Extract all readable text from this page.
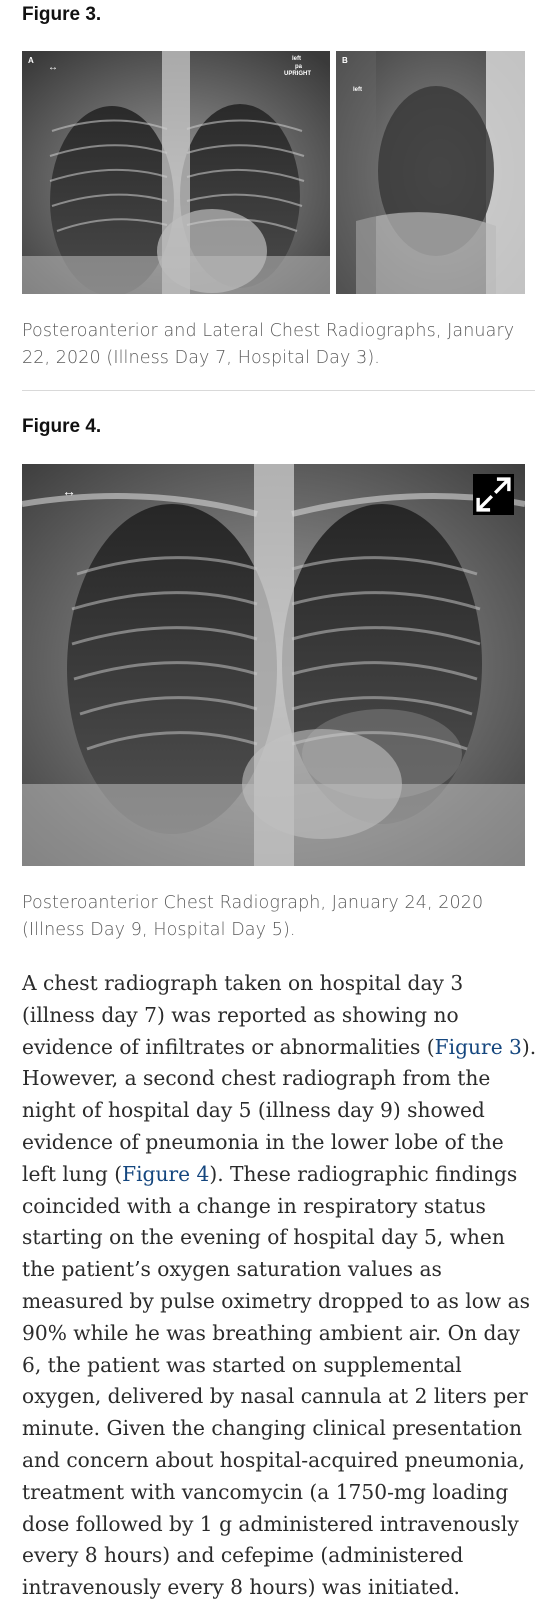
Figure 3.
A
↔
left
pa
UPRIGHT
B
left
Posteroanterior and Lateral Chest Radiographs, January 22, 2020 (Illness Day 7, Hospital Day 3).
Figure 4.
↔
Posteroanterior Chest Radiograph, January 24, 2020 (Illness Day 9, Hospital Day 5).
A chest radiograph taken on hospital day 3 (illness day 7) was reported as showing no evidence of infiltrates or abnormalities (Figure 3). However, a second chest radiograph from the night of hospital day 5 (illness day 9) showed evidence of pneumonia in the lower lobe of the left lung (Figure 4). These radiographic findings coincided with a change in respiratory status starting on the evening of hospital day 5, when the patient’s oxygen saturation values as measured by pulse oximetry dropped to as low as 90% while he was breathing ambient air. On day 6, the patient was started on supplemental oxygen, delivered by nasal cannula at 2 liters per minute. Given the changing clinical presentation and concern about hospital-acquired pneumonia, treatment with vancomycin (a 1750-mg loading dose followed by 1 g administered intravenously every 8 hours) and cefepime (administered intravenously every 8 hours) was initiated.
